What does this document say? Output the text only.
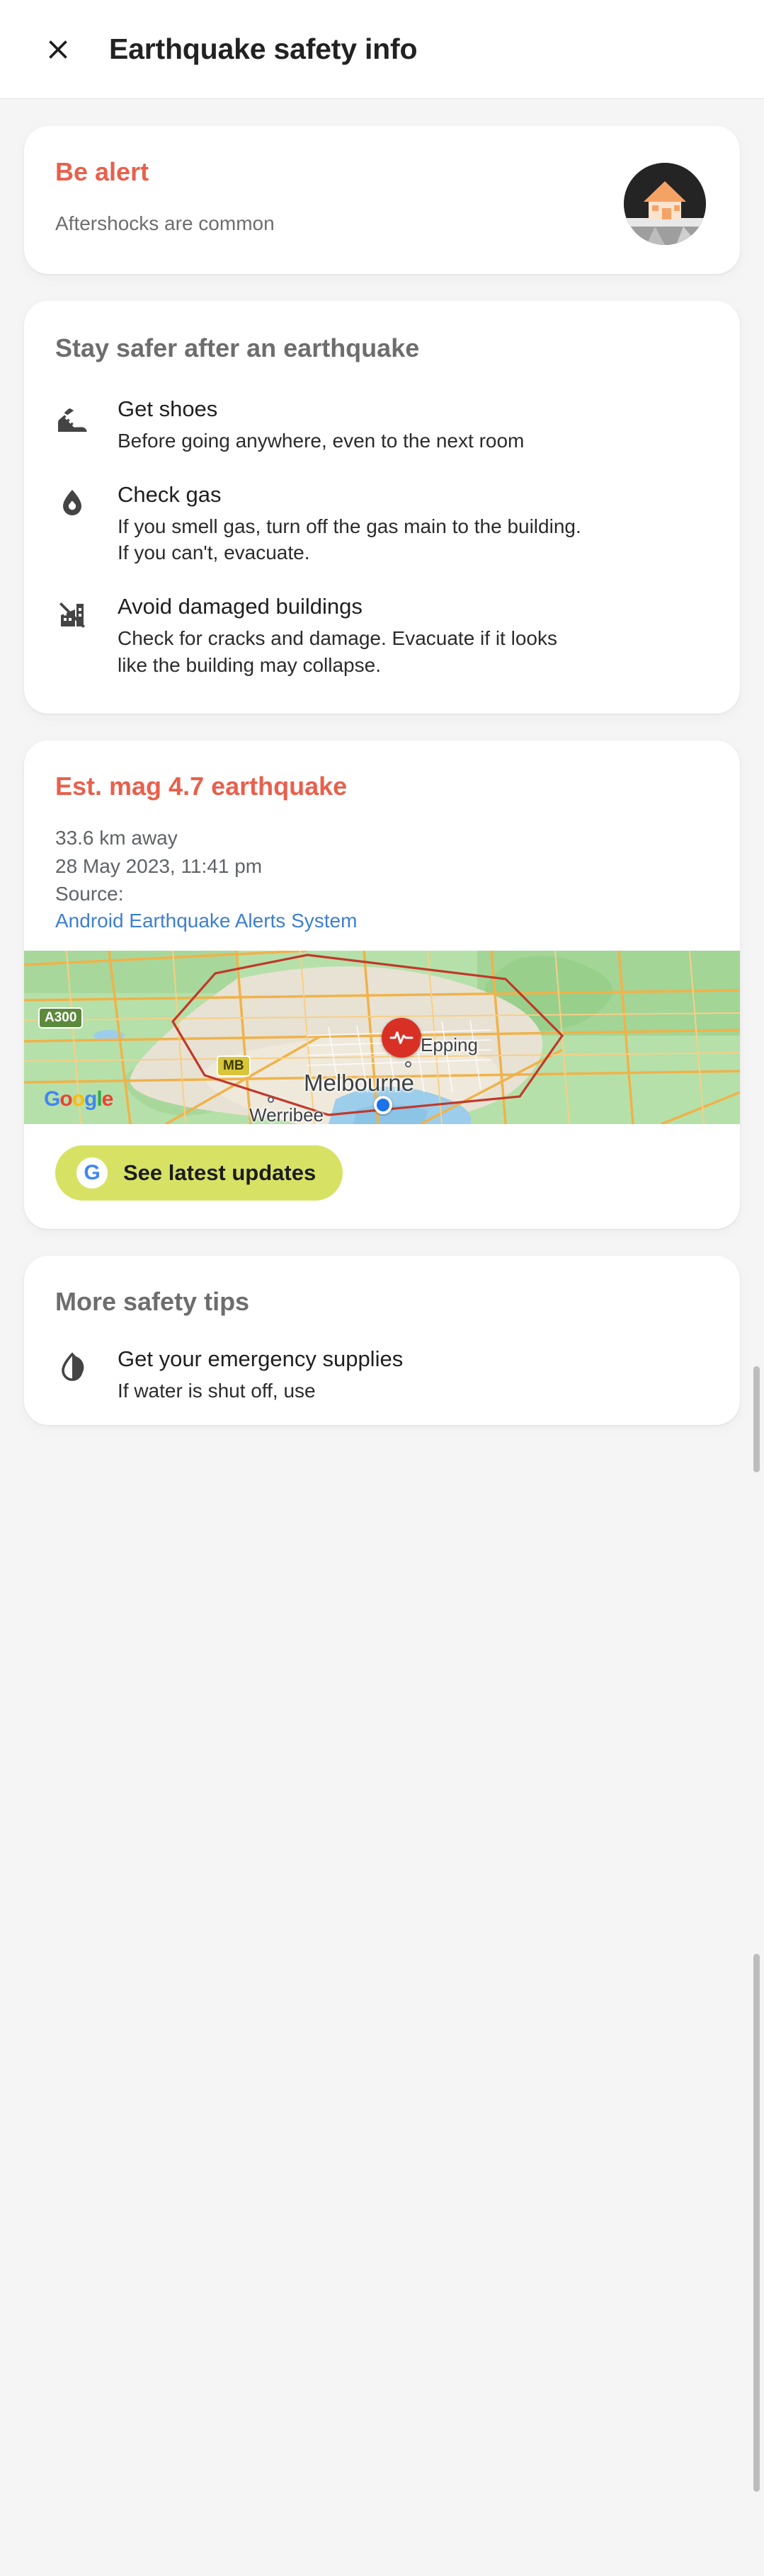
Earthquake safety info
Be alert
Aftershocks are common
Stay safer after an earthquake
Get shoes
Before going anywhere, even to the next room
Check gas
If you smell gas, turn off the gas main to the building. If you can't, evacuate.
Avoid damaged buildings
Check for cracks and damage. Evacuate if it looks like the building may collapse.
Est. mag 4.7 earthquake
33.6 km away
28 May 2023, 11:41 pm
Source:
Android Earthquake Alerts System
A300
MB
Epping
Melbourne
Werribee
Google
G	See latest updates
More safety tips
Get your emergency supplies
If water is shut off, use
